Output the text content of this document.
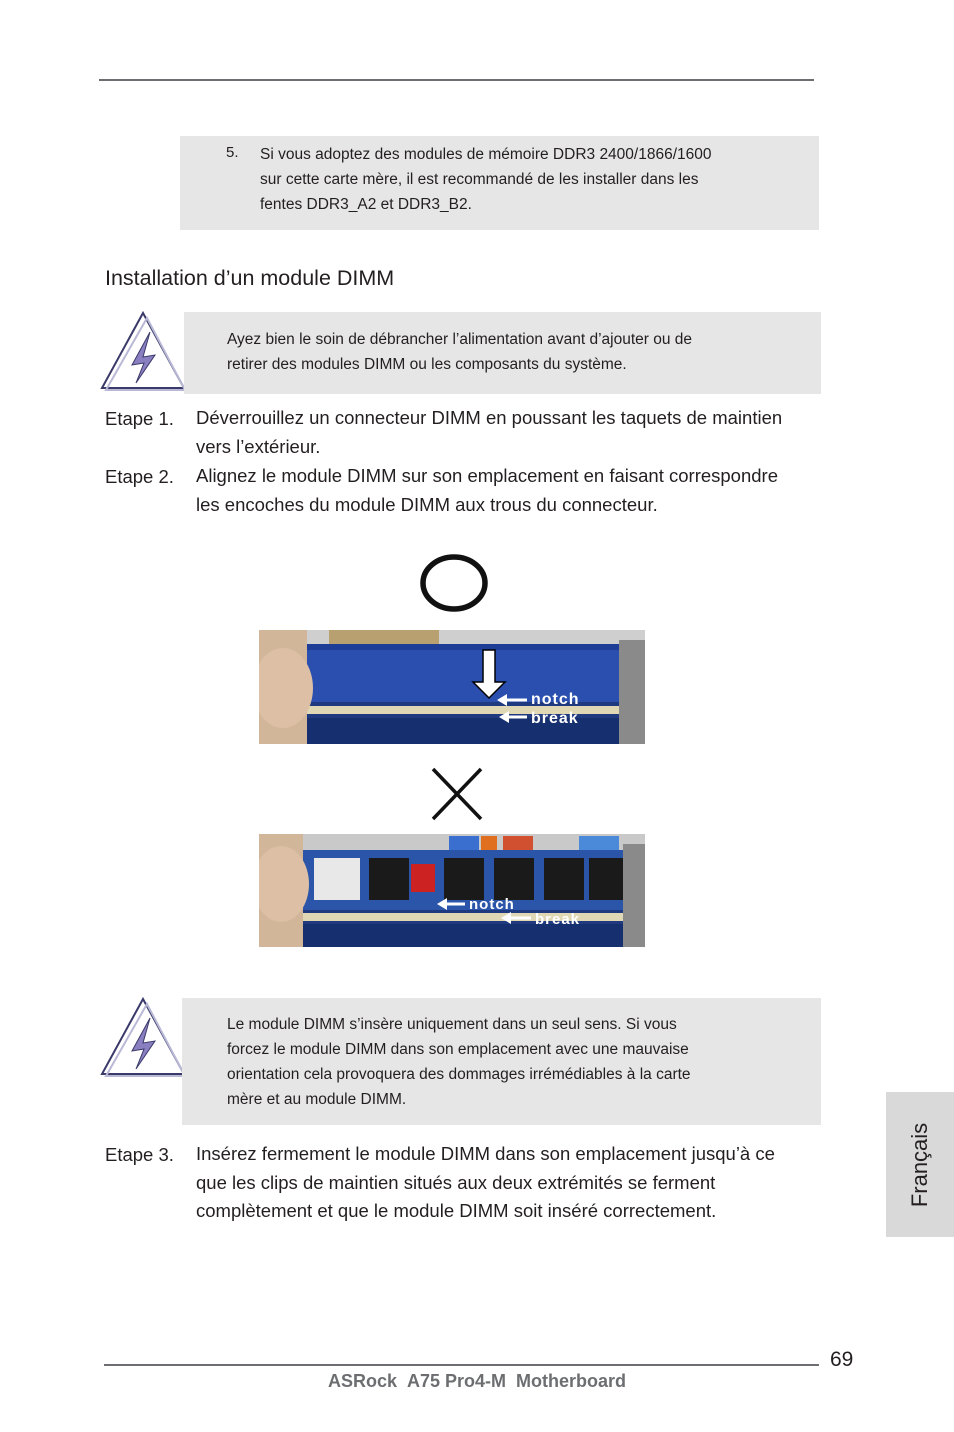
5. Si vous adoptez des modules de mémoire DDR3 2400/1866/1600
sur cette carte mère, il est recommandé de les installer dans les
fentes DDR3_A2 et DDR3_B2.
Installation d’un module DIMM
Ayez bien le soin de débrancher l’alimentation avant d’ajouter ou de
retirer des modules DIMM ou les composants du système.
Etape 1. Déverrouillez un connecteur DIMM en poussant les taquets de maintien
vers l’extérieur.
Etape 2. Alignez le module DIMM sur son emplacement en faisant correspondre
les encoches du module DIMM aux trous du connecteur.
notch
break
notch
break
Le module DIMM s’insère uniquement dans un seul sens. Si vous
forcez le module DIMM dans son emplacement avec une mauvaise
orientation cela provoquera des dommages irrémédiables à la carte
mère et au module DIMM.
Etape 3. Insérez fermement le module DIMM dans son emplacement jusqu’à ce
que les clips de maintien situés aux deux extrémités se ferment
complètement et que le module DIMM soit inséré correctement.
Français
69
ASRock A75 Pro4-M Motherboard
